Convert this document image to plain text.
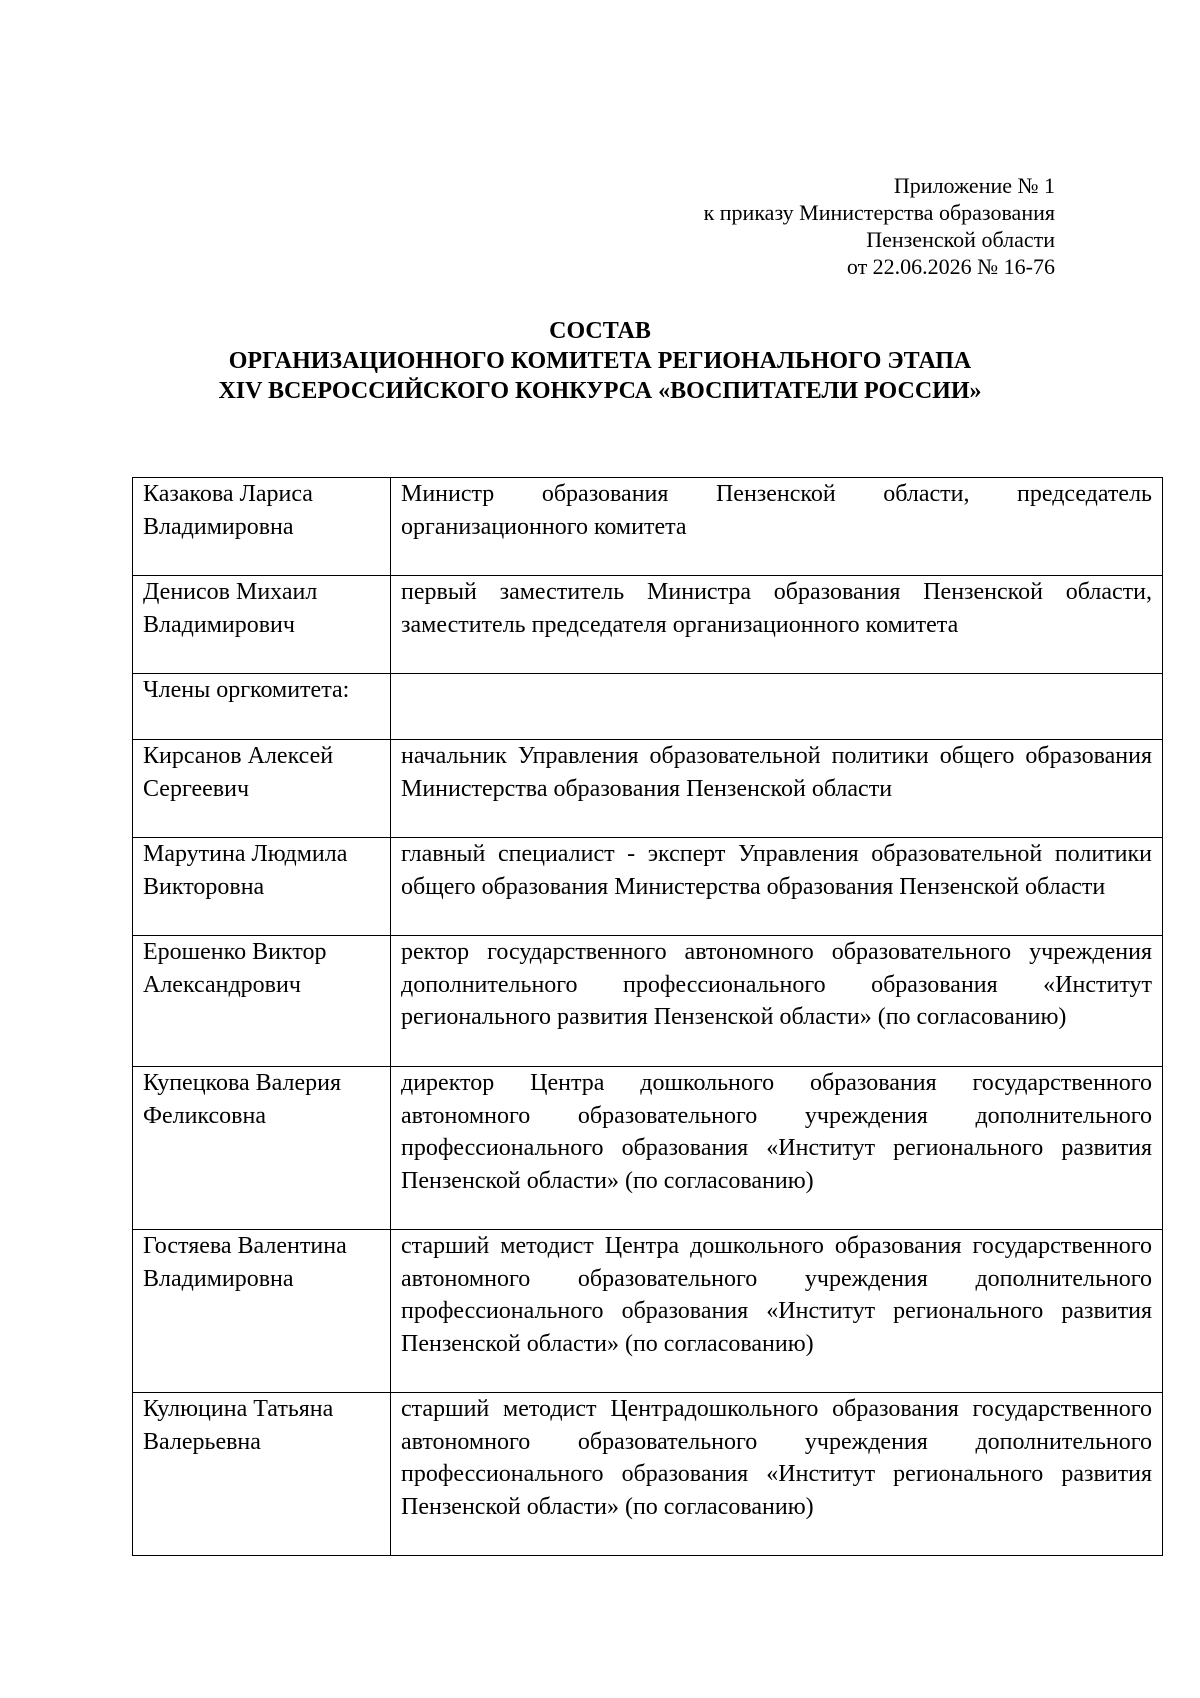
Приложение № 1
к приказу Министерства образования
Пензенской области
от 22.06.2026 № 16-76
СОСТАВ
ОРГАНИЗАЦИОННОГО КОМИТЕТА РЕГИОНАЛЬНОГО ЭТАПА
XIV ВСЕРОССИЙСКОГО КОНКУРСА «ВОСПИТАТЕЛИ РОССИИ»
Казакова Лариса Владимировна	Министр образования Пензенской области, председатель организационного комитета
Денисов Михаил Владимирович	первый заместитель Министра образования Пензенской области, заместитель председателя организационного комитета
Члены оргкомитета:	
Кирсанов Алексей Сергеевич	начальник Управления образовательной политики общего образования Министерства образования Пензенской области
Марутина Людмила Викторовна	главный специалист - эксперт Управления образовательной политики общего образования Министерства образования Пензенской области
Ерошенко Виктор Александрович	ректор государственного автономного образовательного учреждения дополнительного профессионального образования «Институт регионального развития Пензенской области» (по согласованию)
Купецкова Валерия Феликсовна	директор Центра дошкольного образования государственного автономного образовательного учреждения дополнительного профессионального образования «Институт регионального развития Пензенской области» (по согласованию)
Гостяева Валентина Владимировна	старший методист Центра дошкольного образования государственного автономного образовательного учреждения дополнительного профессионального образования «Институт регионального развития Пензенской области» (по согласованию)
Кулюцина Татьяна Валерьевна	старший методист Центрадошкольного образования государственного автономного образовательного учреждения дополнительного профессионального образования «Институт регионального развития Пензенской области» (по согласованию)
